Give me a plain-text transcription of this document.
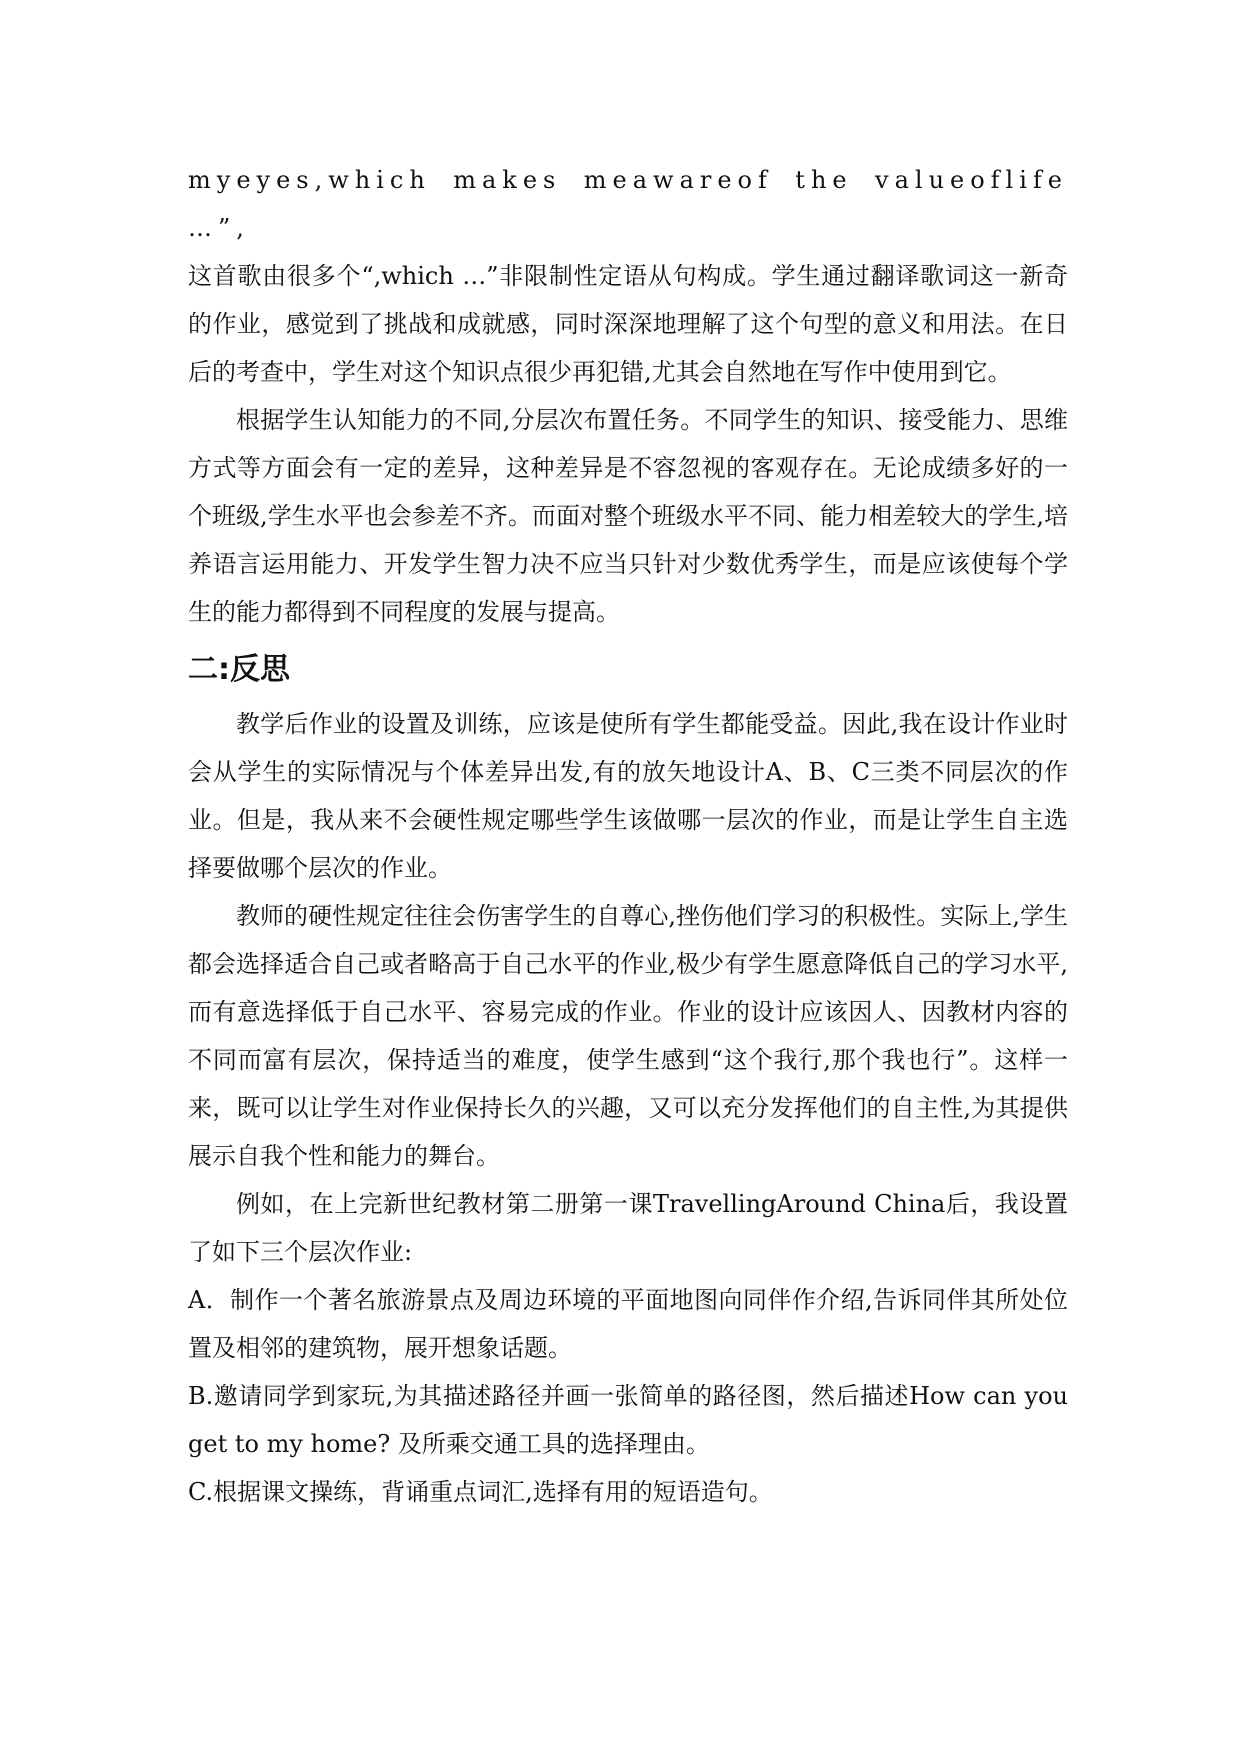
myeyes,which makes meawareof the valueoflife …”,
这首歌由很多个“,which …”非限制性定语从句构成。学生通过翻译歌词这一新奇的作业，感觉到了挑战和成就感，同时深深地理解了这个句型的意义和用法。在日后的考查中，学生对这个知识点很少再犯错,尤其会自然地在写作中使用到它。

根据学生认知能力的不同,分层次布置任务。不同学生的知识、接受能力、思维方式等方面会有一定的差异，这种差异是不容忽视的客观存在。无论成绩多好的一个班级,学生水平也会参差不齐。而面对整个班级水平不同、能力相差较大的学生,培养语言运用能力、开发学生智力决不应当只针对少数优秀学生，而是应该使每个学生的能力都得到不同程度的发展与提高。

二:反思

教学后作业的设置及训练，应该是使所有学生都能受益。因此,我在设计作业时会从学生的实际情况与个体差异出发,有的放矢地设计A、B、C三类不同层次的作业。但是，我从来不会硬性规定哪些学生该做哪一层次的作业，而是让学生自主选择要做哪个层次的作业。

教师的硬性规定往往会伤害学生的自尊心,挫伤他们学习的积极性。实际上,学生都会选择适合自己或者略高于自己水平的作业,极少有学生愿意降低自己的学习水平,而有意选择低于自己水平、容易完成的作业。作业的设计应该因人、因教材内容的不同而富有层次，保持适当的难度，使学生感到“这个我行,那个我也行”。这样一来，既可以让学生对作业保持长久的兴趣，又可以充分发挥他们的自主性,为其提供展示自我个性和能力的舞台。

例如，在上完新世纪教材第二册第一课TravellingAround China后，我设置了如下三个层次作业:

A．制作一个著名旅游景点及周边环境的平面地图向同伴作介绍,告诉同伴其所处位置及相邻的建筑物，展开想象话题。

B.邀请同学到家玩,为其描述路径并画一张简单的路径图，然后描述How can you get to my home? 及所乘交通工具的选择理由。

C.根据课文操练，背诵重点词汇,选择有用的短语造句。
